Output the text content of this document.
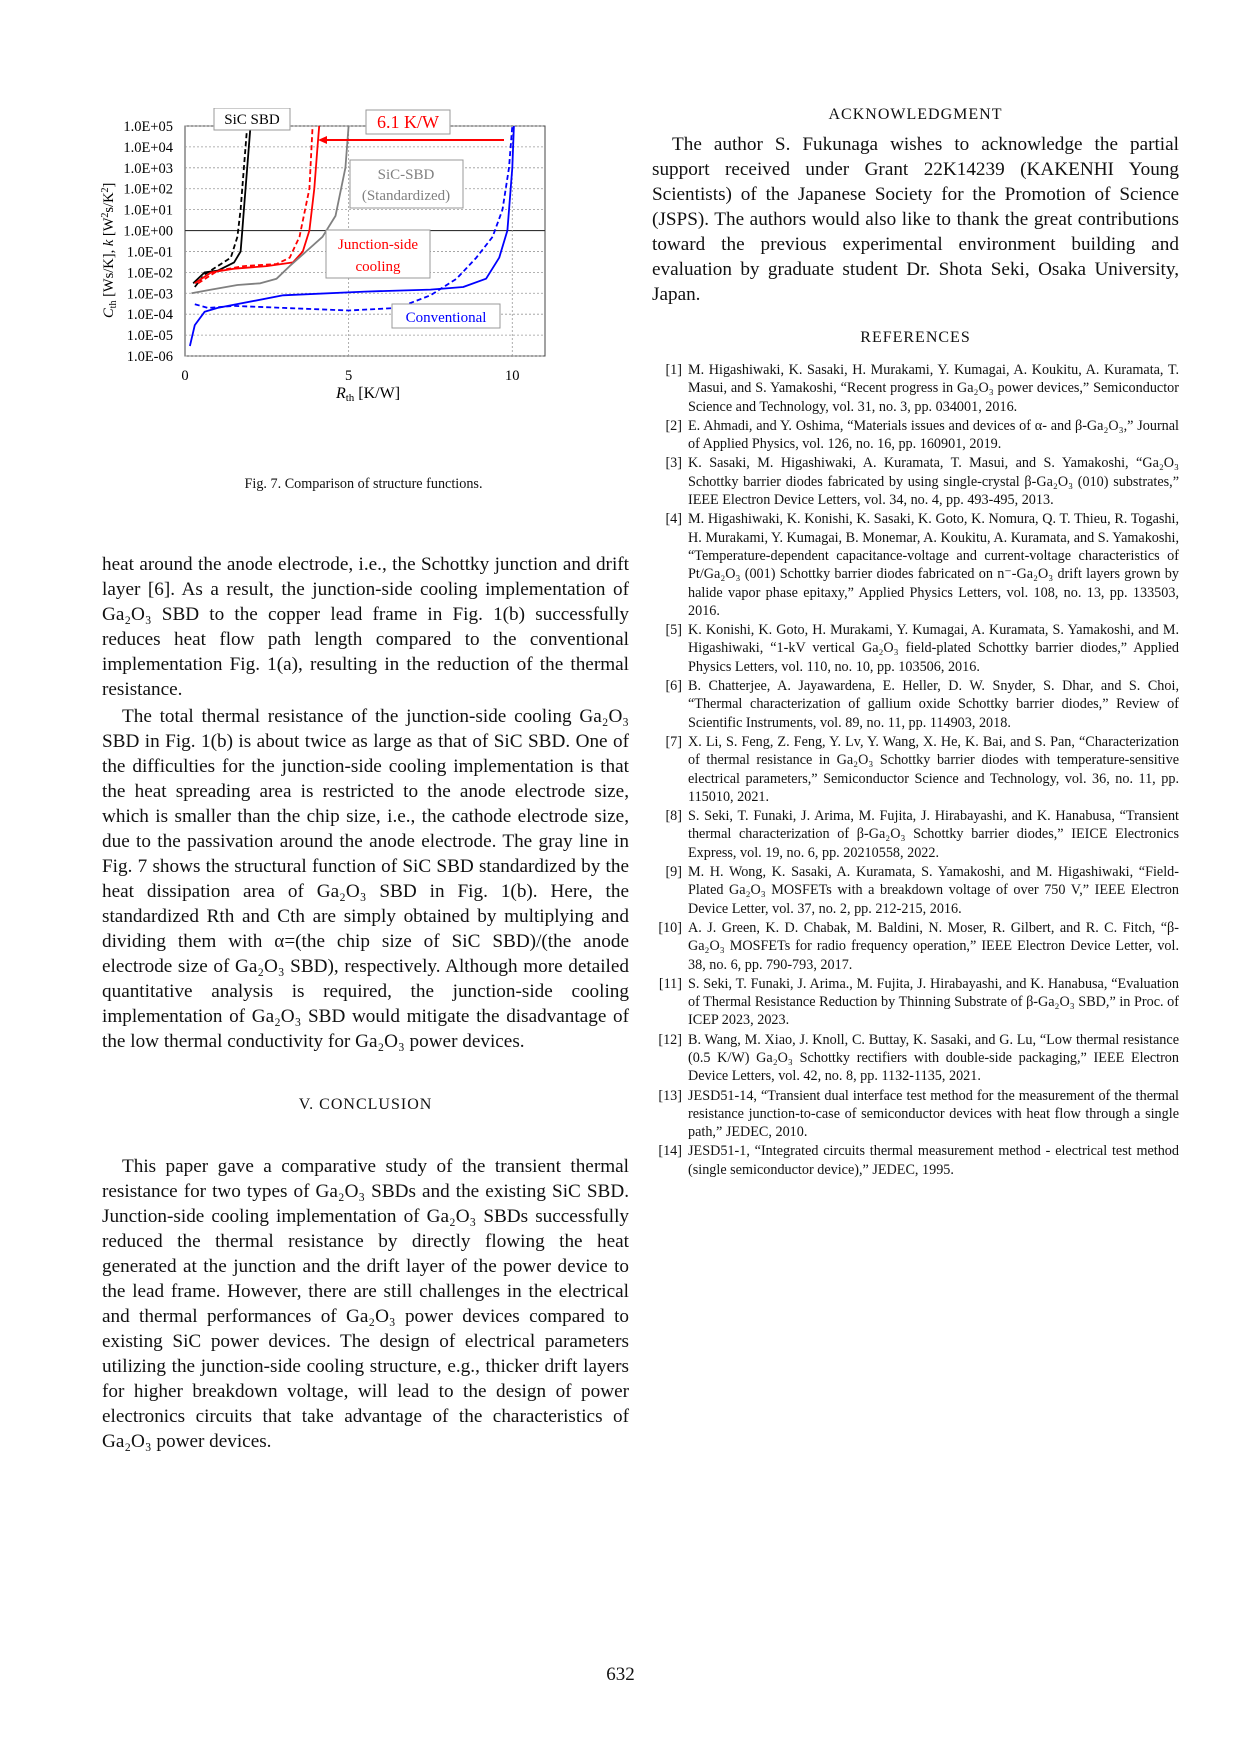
1.0E+05
1.0E+04
1.0E+03
1.0E+02
1.0E+01
1.0E+00
1.0E-01
1.0E-02
1.0E-03
1.0E-04
1.0E-05
1.0E-06
0	5	10
SiC SBD	6.1 K/W
SiC-SBD
(Standardized)
Junction-side
cooling
Conventional
$C_{th}$ [Ws/K], k $[W^2s/K^2]$
Rth [K/W]
Fig. 7. Comparison of structure functions.

heat around the anode electrode, i.e., the Schottky junction and drift layer [6]. As a result, the junction-side cooling implementation of Ga₂O₃ SBD to the copper lead frame in Fig. 1(b) successfully reduces heat flow path length compared to the conventional implementation Fig. 1(a), resulting in the reduction of the thermal resistance.

The total thermal resistance of the junction-side cooling Ga₂O₃ SBD in Fig. 1(b) is about twice as large as that of SiC SBD. One of the difficulties for the junction-side cooling implementation is that the heat spreading area is restricted to the anode electrode size, which is smaller than the chip size, i.e., the cathode electrode size, due to the passivation around the anode electrode. The gray line in Fig. 7 shows the structural function of SiC SBD standardized by the heat dissipation area of Ga₂O₃ SBD in Fig. 1(b). Here, the standardized Rth and Cth are simply obtained by multiplying and dividing them with α=(the chip size of SiC SBD)/(the anode electrode size of Ga₂O₃ SBD), respectively. Although more detailed quantitative analysis is required, the junction-side cooling implementation of Ga₂O₃ SBD would mitigate the disadvantage of the low thermal conductivity for Ga₂O₃ power devices.

V. CONCLUSION

This paper gave a comparative study of the transient thermal resistance for two types of Ga₂O₃ SBDs and the existing SiC SBD. Junction-side cooling implementation of Ga₂O₃ SBDs successfully reduced the thermal resistance by directly flowing the heat generated at the junction and the drift layer of the power device to the lead frame. However, there are still challenges in the electrical and thermal performances of Ga₂O₃ power devices compared to existing SiC power devices. The design of electrical parameters utilizing the junction-side cooling structure, e.g., thicker drift layers for higher breakdown voltage, will lead to the design of power electronics circuits that take advantage of the characteristics of Ga₂O₃ power devices.

ACKNOWLEDGMENT

The author S. Fukunaga wishes to acknowledge the partial support received under Grant 22K14239 (KAKENHI Young Scientists) of the Japanese Society for the Promotion of Science (JSPS). The authors would also like to thank the great contributions toward the previous experimental environment building and evaluation by graduate student Dr. Shota Seki, Osaka University, Japan.

REFERENCES

[1] M. Higashiwaki, K. Sasaki, H. Murakami, Y. Kumagai, A. Koukitu, A. Kuramata, T. Masui, and S. Yamakoshi, “Recent progress in Ga₂O₃ power devices,” Semiconductor Science and Technology, vol. 31, no. 3, pp. 034001, 2016.
[2] E. Ahmadi, and Y. Oshima, “Materials issues and devices of α- and β-Ga₂O₃,” Journal of Applied Physics, vol. 126, no. 16, pp. 160901, 2019.
[3] K. Sasaki, M. Higashiwaki, A. Kuramata, T. Masui, and S. Yamakoshi, “Ga₂O₃ Schottky barrier diodes fabricated by using single-crystal β-Ga₂O₃ (010) substrates,” IEEE Electron Device Letters, vol. 34, no. 4, pp. 493-495, 2013.
[4] M. Higashiwaki, K. Konishi, K. Sasaki, K. Goto, K. Nomura, Q. T. Thieu, R. Togashi, H. Murakami, Y. Kumagai, B. Monemar, A. Koukitu, A. Kuramata, and S. Yamakoshi, “Temperature-dependent capacitance-voltage and current-voltage characteristics of Pt/Ga₂O₃ (001) Schottky barrier diodes fabricated on n⁻-Ga₂O₃ drift layers grown by halide vapor phase epitaxy,” Applied Physics Letters, vol. 108, no. 13, pp. 133503, 2016.
[5] K. Konishi, K. Goto, H. Murakami, Y. Kumagai, A. Kuramata, S. Yamakoshi, and M. Higashiwaki, “1-kV vertical Ga₂O₃ field-plated Schottky barrier diodes,” Applied Physics Letters, vol. 110, no. 10, pp. 103506, 2016.
[6] B. Chatterjee, A. Jayawardena, E. Heller, D. W. Snyder, S. Dhar, and S. Choi, “Thermal characterization of gallium oxide Schottky barrier diodes,” Review of Scientific Instruments, vol. 89, no. 11, pp. 114903, 2018.
[7] X. Li, S. Feng, Z. Feng, Y. Lv, Y. Wang, X. He, K. Bai, and S. Pan, “Characterization of thermal resistance in Ga₂O₃ Schottky barrier diodes with temperature-sensitive electrical parameters,” Semiconductor Science and Technology, vol. 36, no. 11, pp. 115010, 2021.
[8] S. Seki, T. Funaki, J. Arima, M. Fujita, J. Hirabayashi, and K. Hanabusa, “Transient thermal characterization of β-Ga₂O₃ Schottky barrier diodes,” IEICE Electronics Express, vol. 19, no. 6, pp. 20210558, 2022.
[9] M. H. Wong, K. Sasaki, A. Kuramata, S. Yamakoshi, and M. Higashiwaki, “Field-Plated Ga₂O₃ MOSFETs with a breakdown voltage of over 750 V,” IEEE Electron Device Letter, vol. 37, no. 2, pp. 212-215, 2016.
[10] A. J. Green, K. D. Chabak, M. Baldini, N. Moser, R. Gilbert, and R. C. Fitch, “β-Ga₂O₃ MOSFETs for radio frequency operation,” IEEE Electron Device Letter, vol. 38, no. 6, pp. 790-793, 2017.
[11] S. Seki, T. Funaki, J. Arima., M. Fujita, J. Hirabayashi, and K. Hanabusa, “Evaluation of Thermal Resistance Reduction by Thinning Substrate of β-Ga₂O₃ SBD,” in Proc. of ICEP 2023, 2023.
[12] B. Wang, M. Xiao, J. Knoll, C. Buttay, K. Sasaki, and G. Lu, “Low thermal resistance (0.5 K/W) Ga₂O₃ Schottky rectifiers with double-side packaging,” IEEE Electron Device Letters, vol. 42, no. 8, pp. 1132-1135, 2021.
[13] JESD51-14, “Transient dual interface test method for the measurement of the thermal resistance junction-to-case of semiconductor devices with heat flow through a single path,” JEDEC, 2010.
[14] JESD51-1, “Integrated circuits thermal measurement method - electrical test method (single semiconductor device),” JEDEC, 1995.
632
